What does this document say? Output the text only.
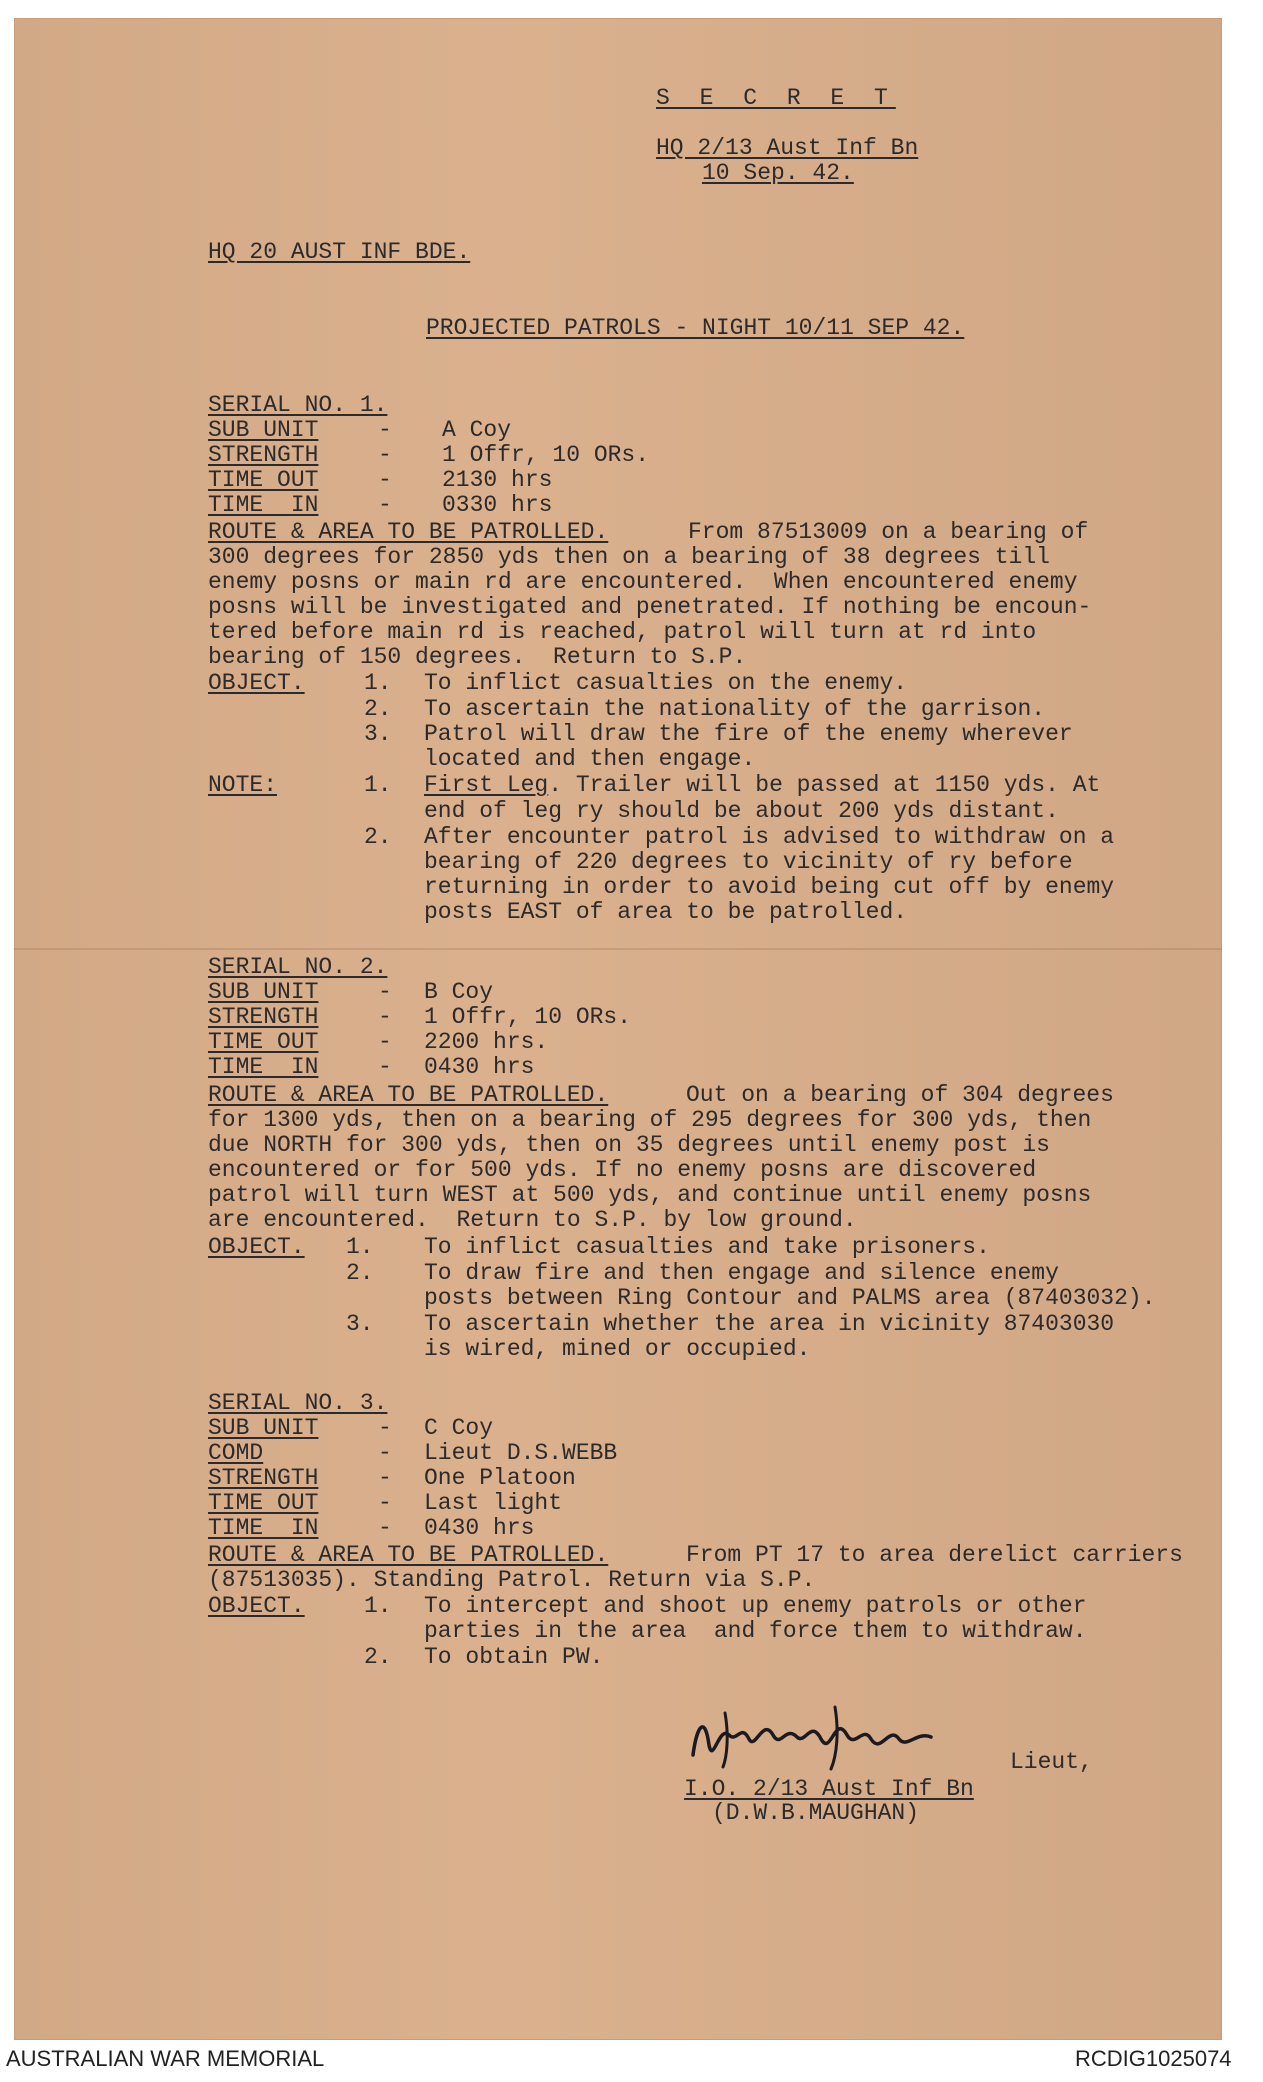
S E C R E T
HQ 2/13 Aust Inf Bn
10 Sep. 42.
HQ 20 AUST INF BDE.
PROJECTED PATROLS - NIGHT 10/11 SEP 42.
SERIAL NO. 1.
SUB UNIT	- A Coy
STRENGTH	- 1 Offr, 10 ORs.
TIME OUT	- 2130 hrs
TIME  IN	- 0330 hrs
ROUTE & AREA TO BE PATROLLED.	From 87513009 on a bearing of
300 degrees for 2850 yds then on a bearing of 38 degrees till
enemy posns or main rd are encountered.  When encountered enemy
posns will be investigated and penetrated. If nothing be encoun-
tered before main rd is reached, patrol will turn at rd into
bearing of 150 degrees.  Return to S.P.
OBJECT.	1. To inflict casualties on the enemy.
2. To ascertain the nationality of the garrison.
3. Patrol will draw the fire of the enemy wherever
located and then engage.
NOTE:	1. First Leg. Trailer will be passed at 1150 yds. At
end of leg ry should be about 200 yds distant.
2. After encounter patrol is advised to withdraw on a
bearing of 220 degrees to vicinity of ry before
returning in order to avoid being cut off by enemy
posts EAST of area to be patrolled.
SERIAL NO. 2.
SUB UNIT	- B Coy
STRENGTH	- 1 Offr, 10 ORs.
TIME OUT	- 2200 hrs.
TIME  IN	- 0430 hrs
ROUTE & AREA TO BE PATROLLED.	Out on a bearing of 304 degrees
for 1300 yds, then on a bearing of 295 degrees for 300 yds, then
due NORTH for 300 yds, then on 35 degrees until enemy post is
encountered or for 500 yds. If no enemy posns are discovered
patrol will turn WEST at 500 yds, and continue until enemy posns
are encountered.  Return to S.P. by low ground.
OBJECT. 1. To inflict casualties and take prisoners.
2. To draw fire and then engage and silence enemy
posts between Ring Contour and PALMS area (87403032).
3. To ascertain whether the area in vicinity 87403030
is wired, mined or occupied.
SERIAL NO. 3.
SUB UNIT	- C Coy
COMD	- Lieut D.S.WEBB
STRENGTH	- One Platoon
TIME OUT	- Last light
TIME  IN	- 0430 hrs
ROUTE & AREA TO BE PATROLLED.	From PT 17 to area derelict carriers
(87513035). Standing Patrol. Return via S.P.
OBJECT.	1. To intercept and shoot up enemy patrols or other
parties in the area  and force them to withdraw.
2. To obtain PW.
Lieut,
I.O. 2/13 Aust Inf Bn
(D.W.B.MAUGHAN)
AUSTRALIAN WAR MEMORIAL	RCDIG1025074
